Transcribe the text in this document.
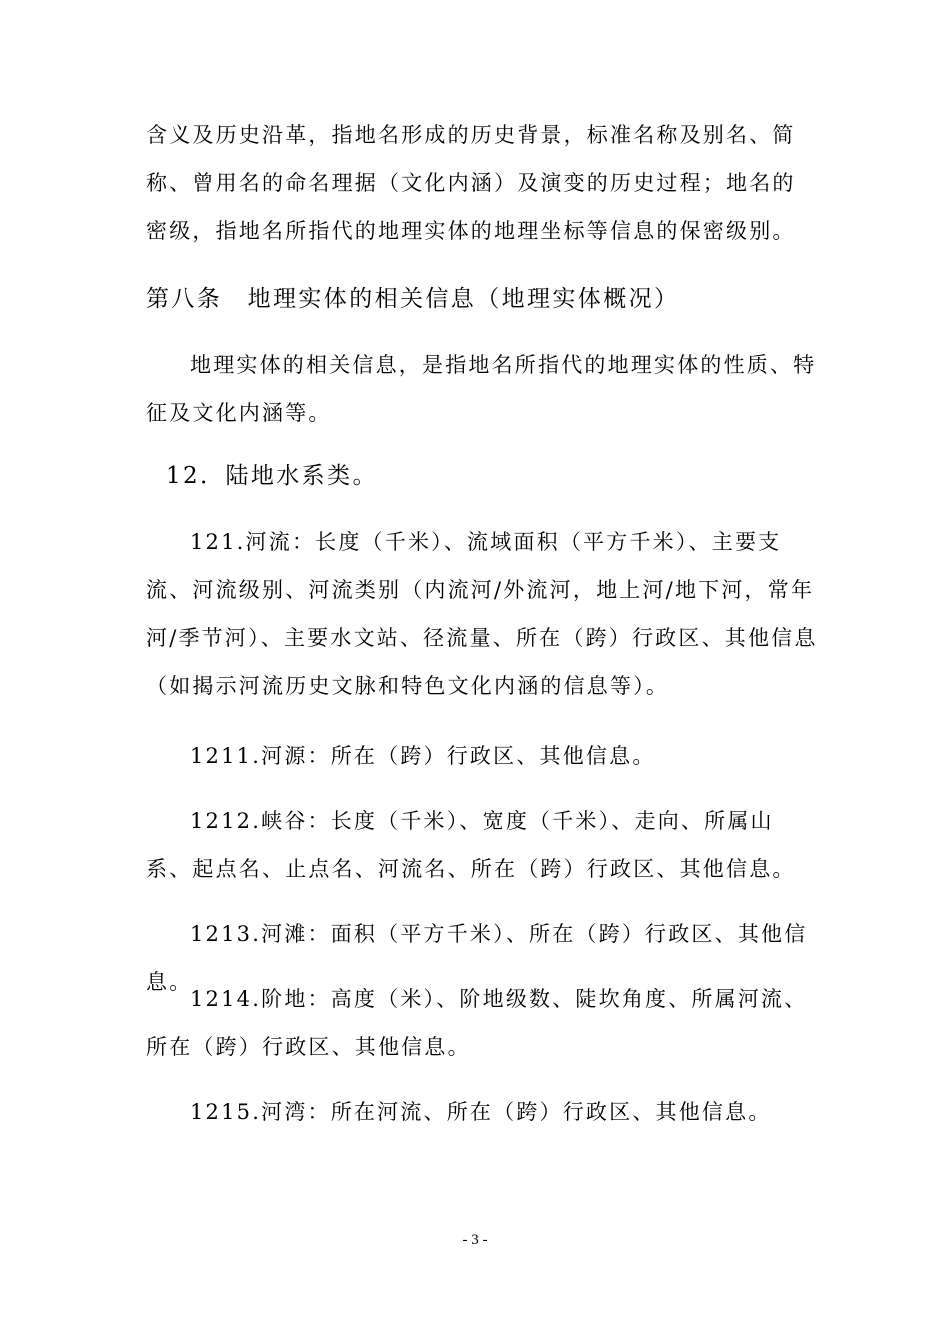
含义及历史沿革，指地名形成的历史背景，标准名称及别名、简称、曾用名的命名理据（文化内涵）及演变的历史过程；地名的密级，指地名所指代的地理实体的地理坐标等信息的保密级别。

第八条　地理实体的相关信息（地理实体概况）

地理实体的相关信息，是指地名所指代的地理实体的性质、特征及文化内涵等。

12．陆地水系类。

121.河流：长度（千米）、流域面积（平方千米）、主要支流、河流级别、河流类别（内流河/外流河，地上河/地下河，常年河/季节河）、主要水文站、径流量、所在（跨）行政区、其他信息（如揭示河流历史文脉和特色文化内涵的信息等）。

1211.河源：所在（跨）行政区、其他信息。

1212.峡谷：长度（千米）、宽度（千米）、走向、所属山系、起点名、止点名、河流名、所在（跨）行政区、其他信息。

1213.河滩：面积（平方千米）、所在（跨）行政区、其他信息。

1214.阶地：高度（米）、阶地级数、陡坎角度、所属河流、所在（跨）行政区、其他信息。

1215.河湾：所在河流、所在（跨）行政区、其他信息。

- 3 -
